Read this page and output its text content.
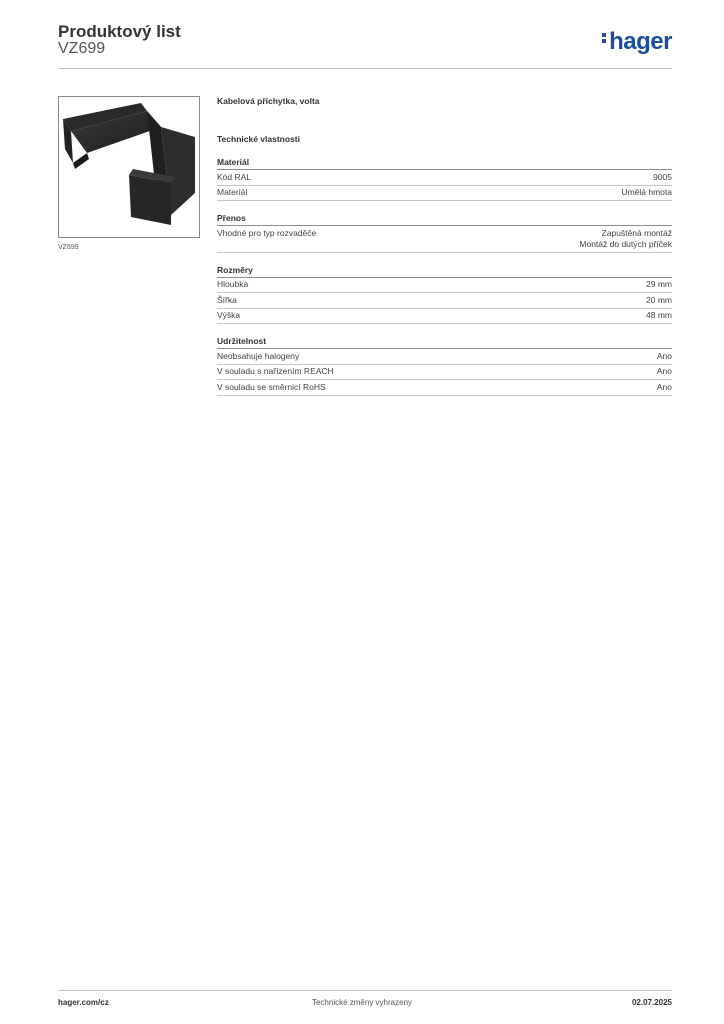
Produktový list
VZ699	hager
VZ699
Kabelová příchytka, volta
Technické vlastnosti
Materiál
Kód RAL	9005
Materiál	Umělá hmota
Přenos
Vhodné pro typ rozvaděče	Zapuštěná montáž
Montáž do dutých příček
Rozměry
Hloubka	29 mm
Šířka	20 mm
Výška	48 mm
Udržitelnost
Neobsahuje halogeny	Ano
V souladu s nařízením REACH	Ano
V souladu se směrnicí RoHS	Ano
hager.com/cz	Technické změny vyhrazeny	02.07.2025
